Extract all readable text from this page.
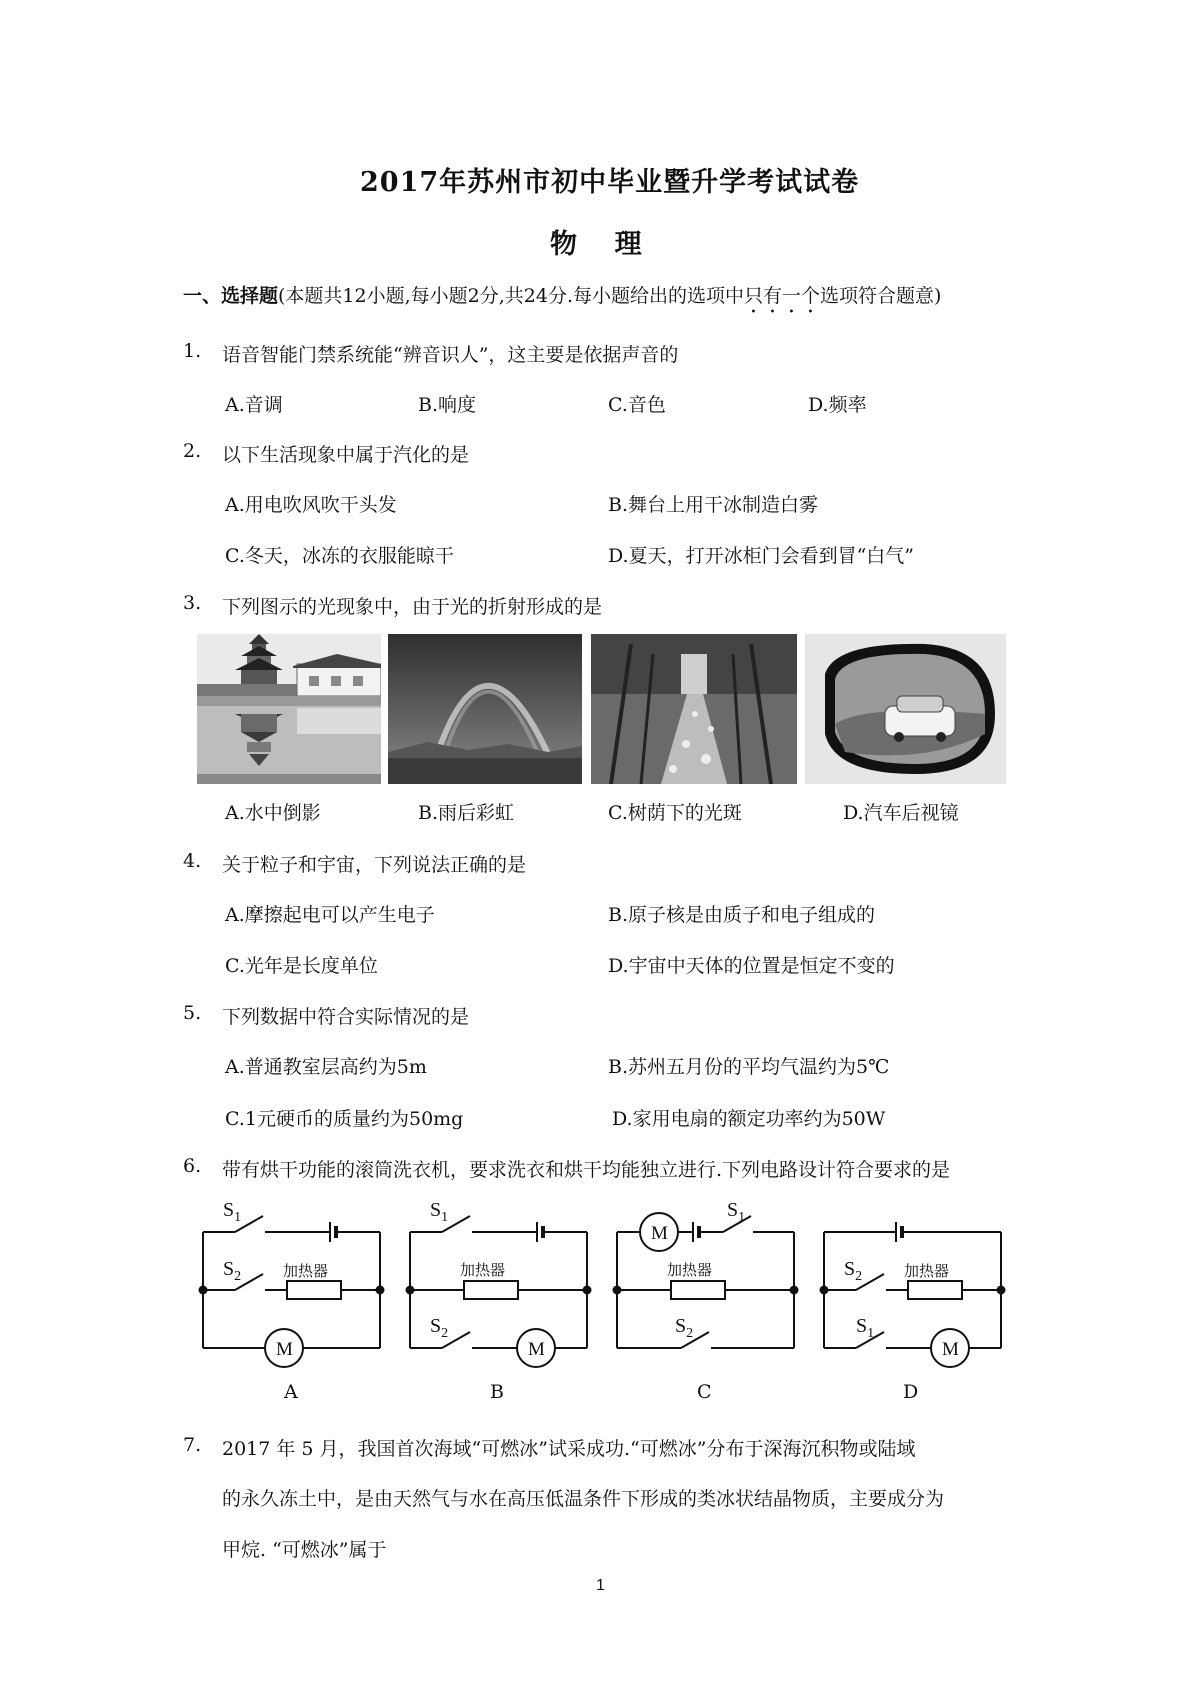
2017年苏州市初中毕业暨升学考试试卷
物    理
一、选择题(本题共12小题,每小题2分,共24分.每小题给出的选项中只有一个选项符合题意)
1. 语音智能门禁系统能“辨音识人”，这主要是依据声音的
A.音调	B.响度	C.音色	D.频率
2. 以下生活现象中属于汽化的是
A.用电吹风吹干头发	B.舞台上用干冰制造白雾
C.冬天，冰冻的衣服能晾干	D.夏天，打开冰柜门会看到冒“白气”
3. 下列图示的光现象中，由于光的折射形成的是
A.水中倒影	B.雨后彩虹	C.树荫下的光斑	D.汽车后视镜
4. 关于粒子和宇宙，下列说法正确的是
A.摩擦起电可以产生电子	B.原子核是由质子和电子组成的
C.光年是长度单位	D.宇宙中天体的位置是恒定不变的
5. 下列数据中符合实际情况的是
A.普通教室层高约为5m	B.苏州五月份的平均气温约为5℃
C.1元硬币的质量约为50mg	D.家用电扇的额定功率约为50W
6. 带有烘干功能的滚筒洗衣机，要求洗衣和烘干均能独立进行.下列电路设计符合要求的是
$S_1$
$S_2$	加热器
M
A
$S_1$
加热器
$S_2$
M
B
M
$S_1$
加热器
$S_2$
C
$S_2$	加热器
$S_1$
M
D
7. 2017 年 5 月，我国首次海域“可燃冰”试采成功.“可燃冰”分布于深海沉积物或陆域
的永久冻土中，是由天然气与水在高压低温条件下形成的类冰状结晶物质，主要成分为
甲烷. “可燃冰”属于
1
